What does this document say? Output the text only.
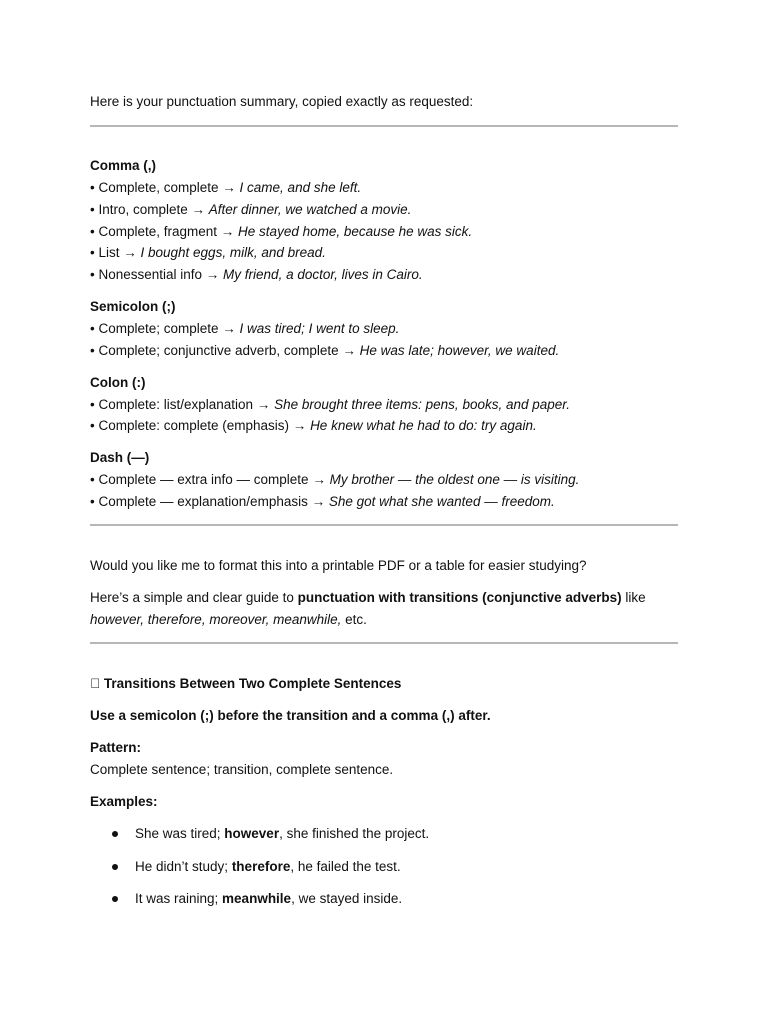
Here is your punctuation summary, copied exactly as requested:
Comma (,)
• Complete, complete → I came, and she left.
• Intro, complete → After dinner, we watched a movie.
• Complete, fragment → He stayed home, because he was sick.
• List → I bought eggs, milk, and bread.
• Nonessential info → My friend, a doctor, lives in Cairo.
Semicolon (;)
• Complete; complete → I was tired; I went to sleep.
• Complete; conjunctive adverb, complete → He was late; however, we waited.
Colon (:)
• Complete: list/explanation → She brought three items: pens, books, and paper.
• Complete: complete (emphasis) → He knew what he had to do: try again.
Dash (—)
• Complete — extra info — complete → My brother — the oldest one — is visiting.
• Complete — explanation/emphasis → She got what she wanted — freedom.
Would you like me to format this into a printable PDF or a table for easier studying?
Here’s a simple and clear guide to punctuation with transitions (conjunctive adverbs) like
however, therefore, moreover, meanwhile, etc.
􏰀 Transitions Between Two Complete Sentences
Use a semicolon (;) before the transition and a comma (,) after.
Pattern:
Complete sentence; transition, complete sentence.
Examples:
She was tired; however, she finished the project.
He didn’t study; therefore, he failed the test.
It was raining; meanwhile, we stayed inside.
